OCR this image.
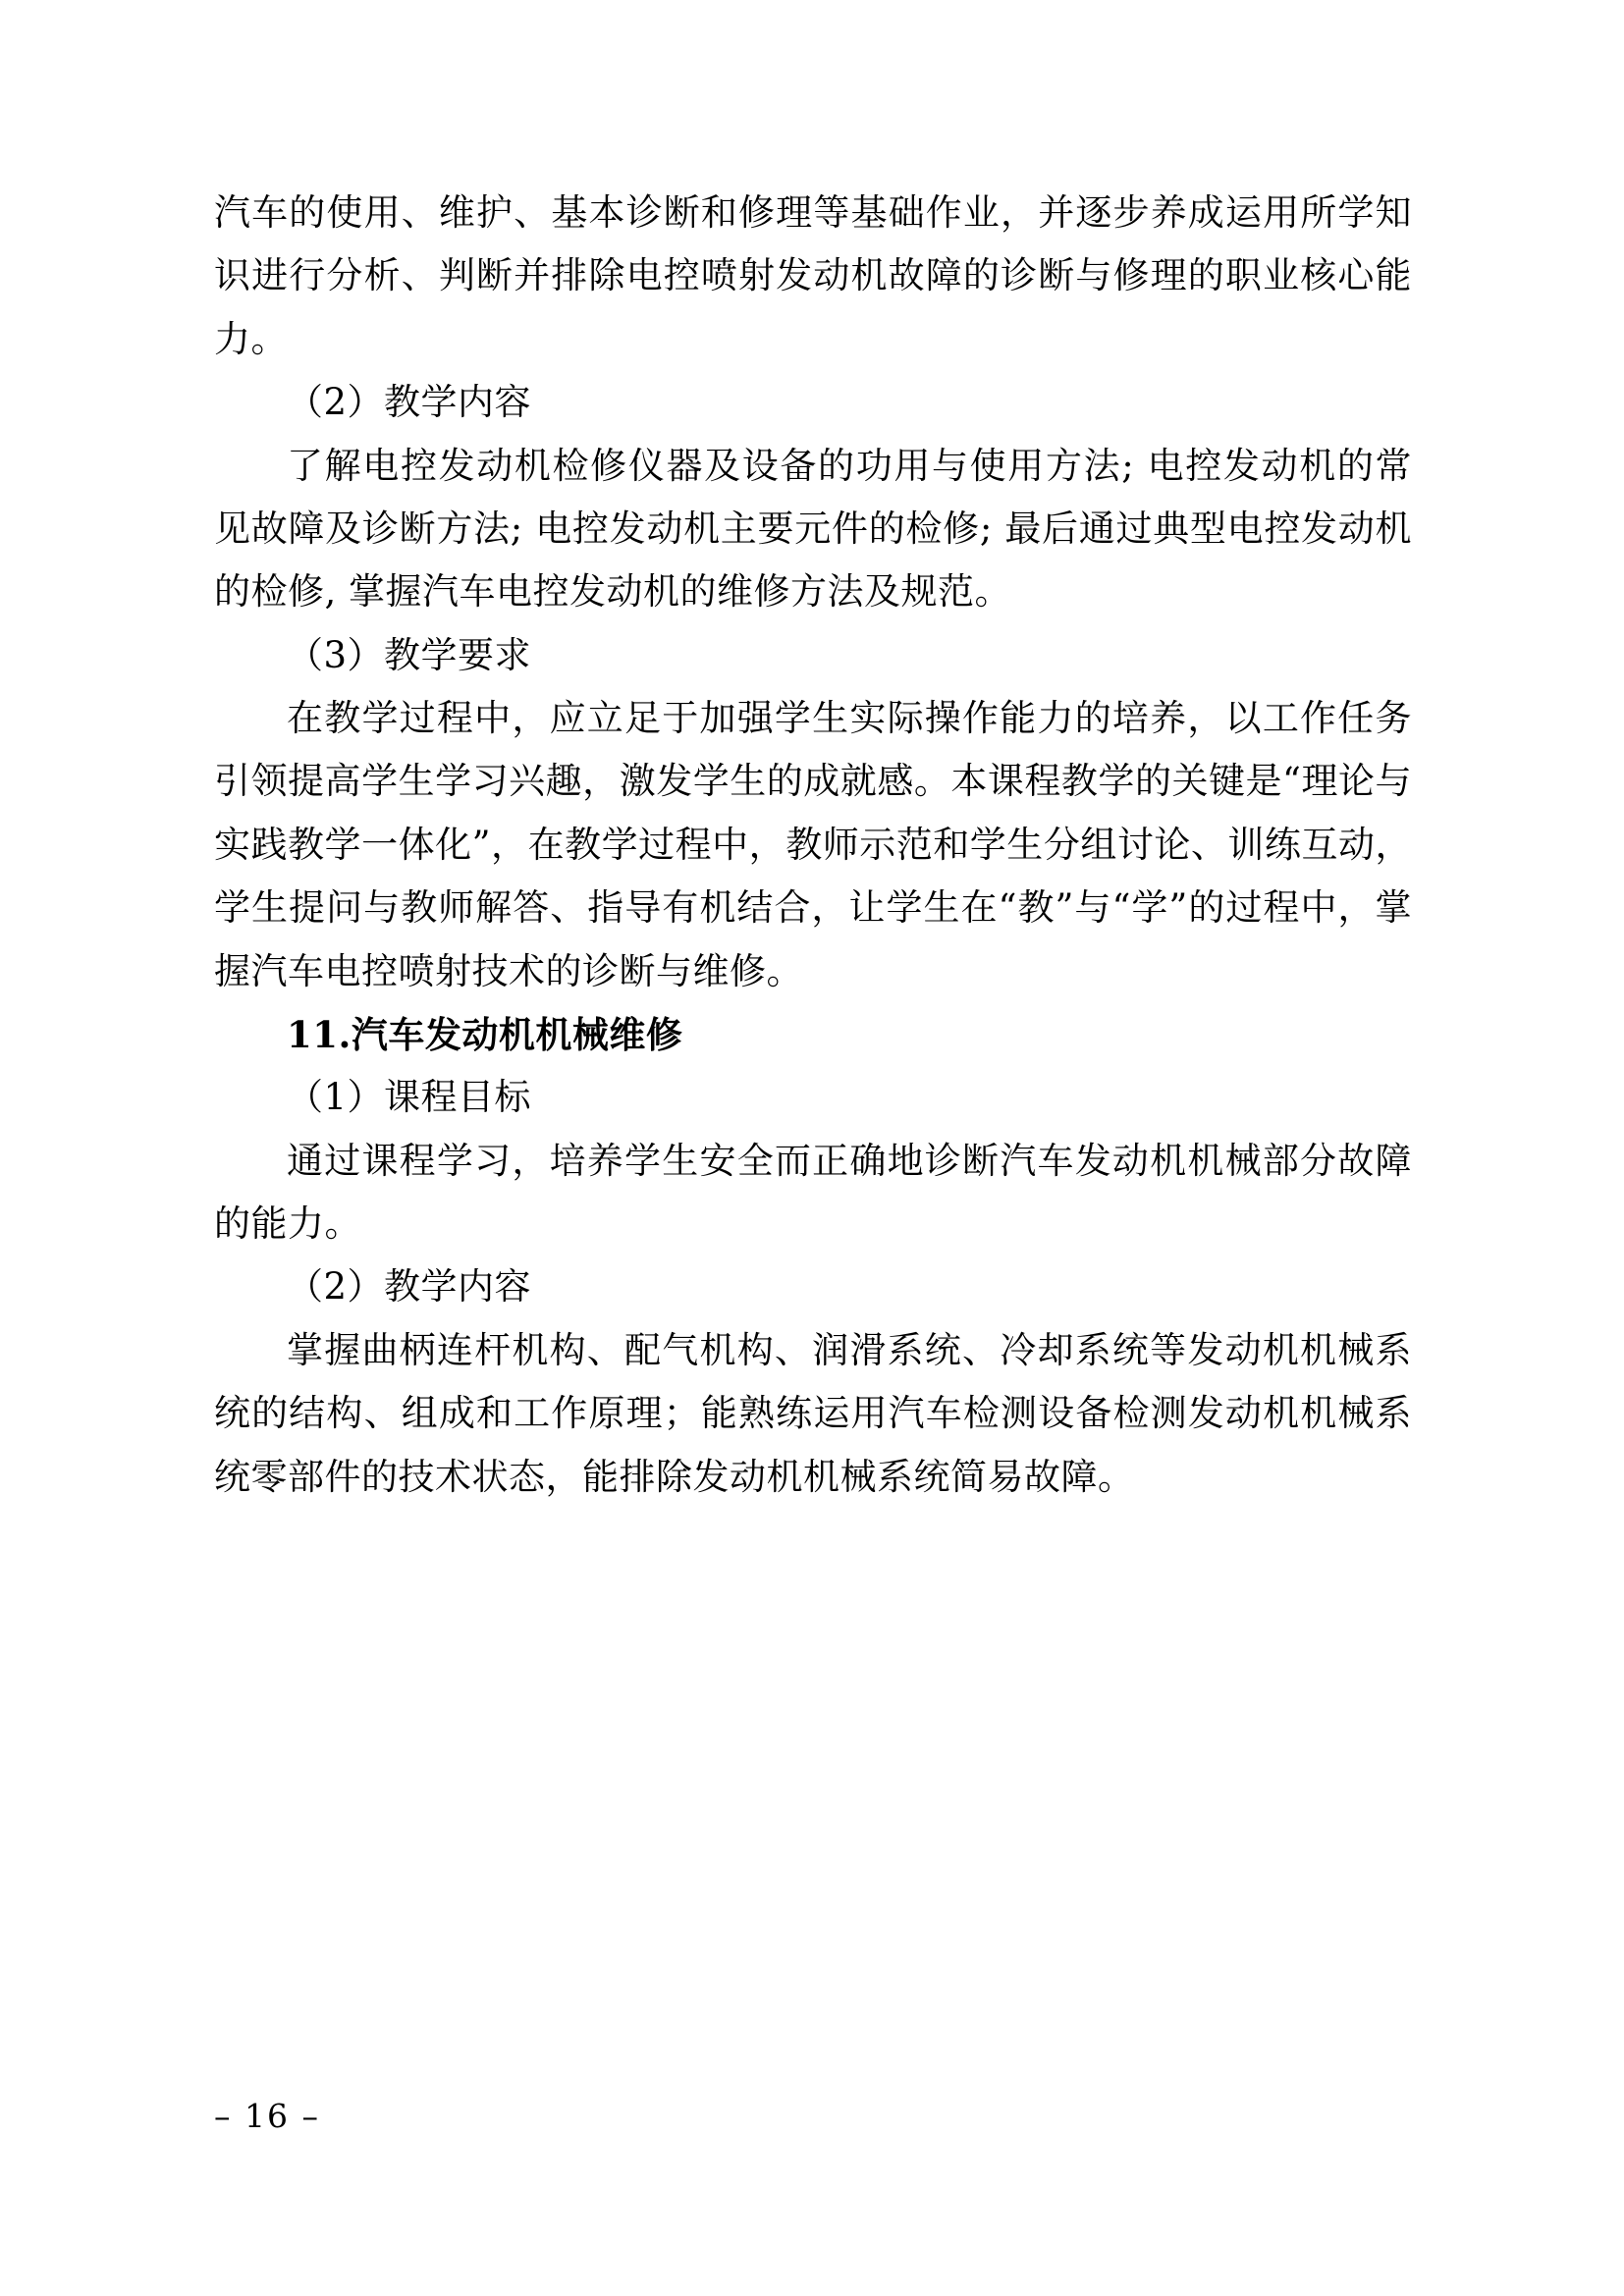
汽车的使用、维护、基本诊断和修理等基础作业，并逐步养成运用所学知识进行分析、判断并排除电控喷射发动机故障的诊断与修理的职业核心能力。

（2）教学内容

了解电控发动机检修仪器及设备的功用与使用方法; 电控发动机的常见故障及诊断方法; 电控发动机主要元件的检修; 最后通过典型电控发动机的检修, 掌握汽车电控发动机的维修方法及规范。

（3）教学要求

在教学过程中，应立足于加强学生实际操作能力的培养，以工作任务引领提高学生学习兴趣，激发学生的成就感。本课程教学的关键是“理论与实践教学一体化”，在教学过程中，教师示范和学生分组讨论、训练互动，学生提问与教师解答、指导有机结合，让学生在“教”与“学”的过程中，掌握汽车电控喷射技术的诊断与维修。

11.汽车发动机机械维修

（1）课程目标

通过课程学习，培养学生安全而正确地诊断汽车发动机机械部分故障的能力。

（2）教学内容

掌握曲柄连杆机构、配气机构、润滑系统、冷却系统等发动机机械系统的结构、组成和工作原理；能熟练运用汽车检测设备检测发动机机械系统零部件的技术状态，能排除发动机机械系统简易故障。

– 16 –
